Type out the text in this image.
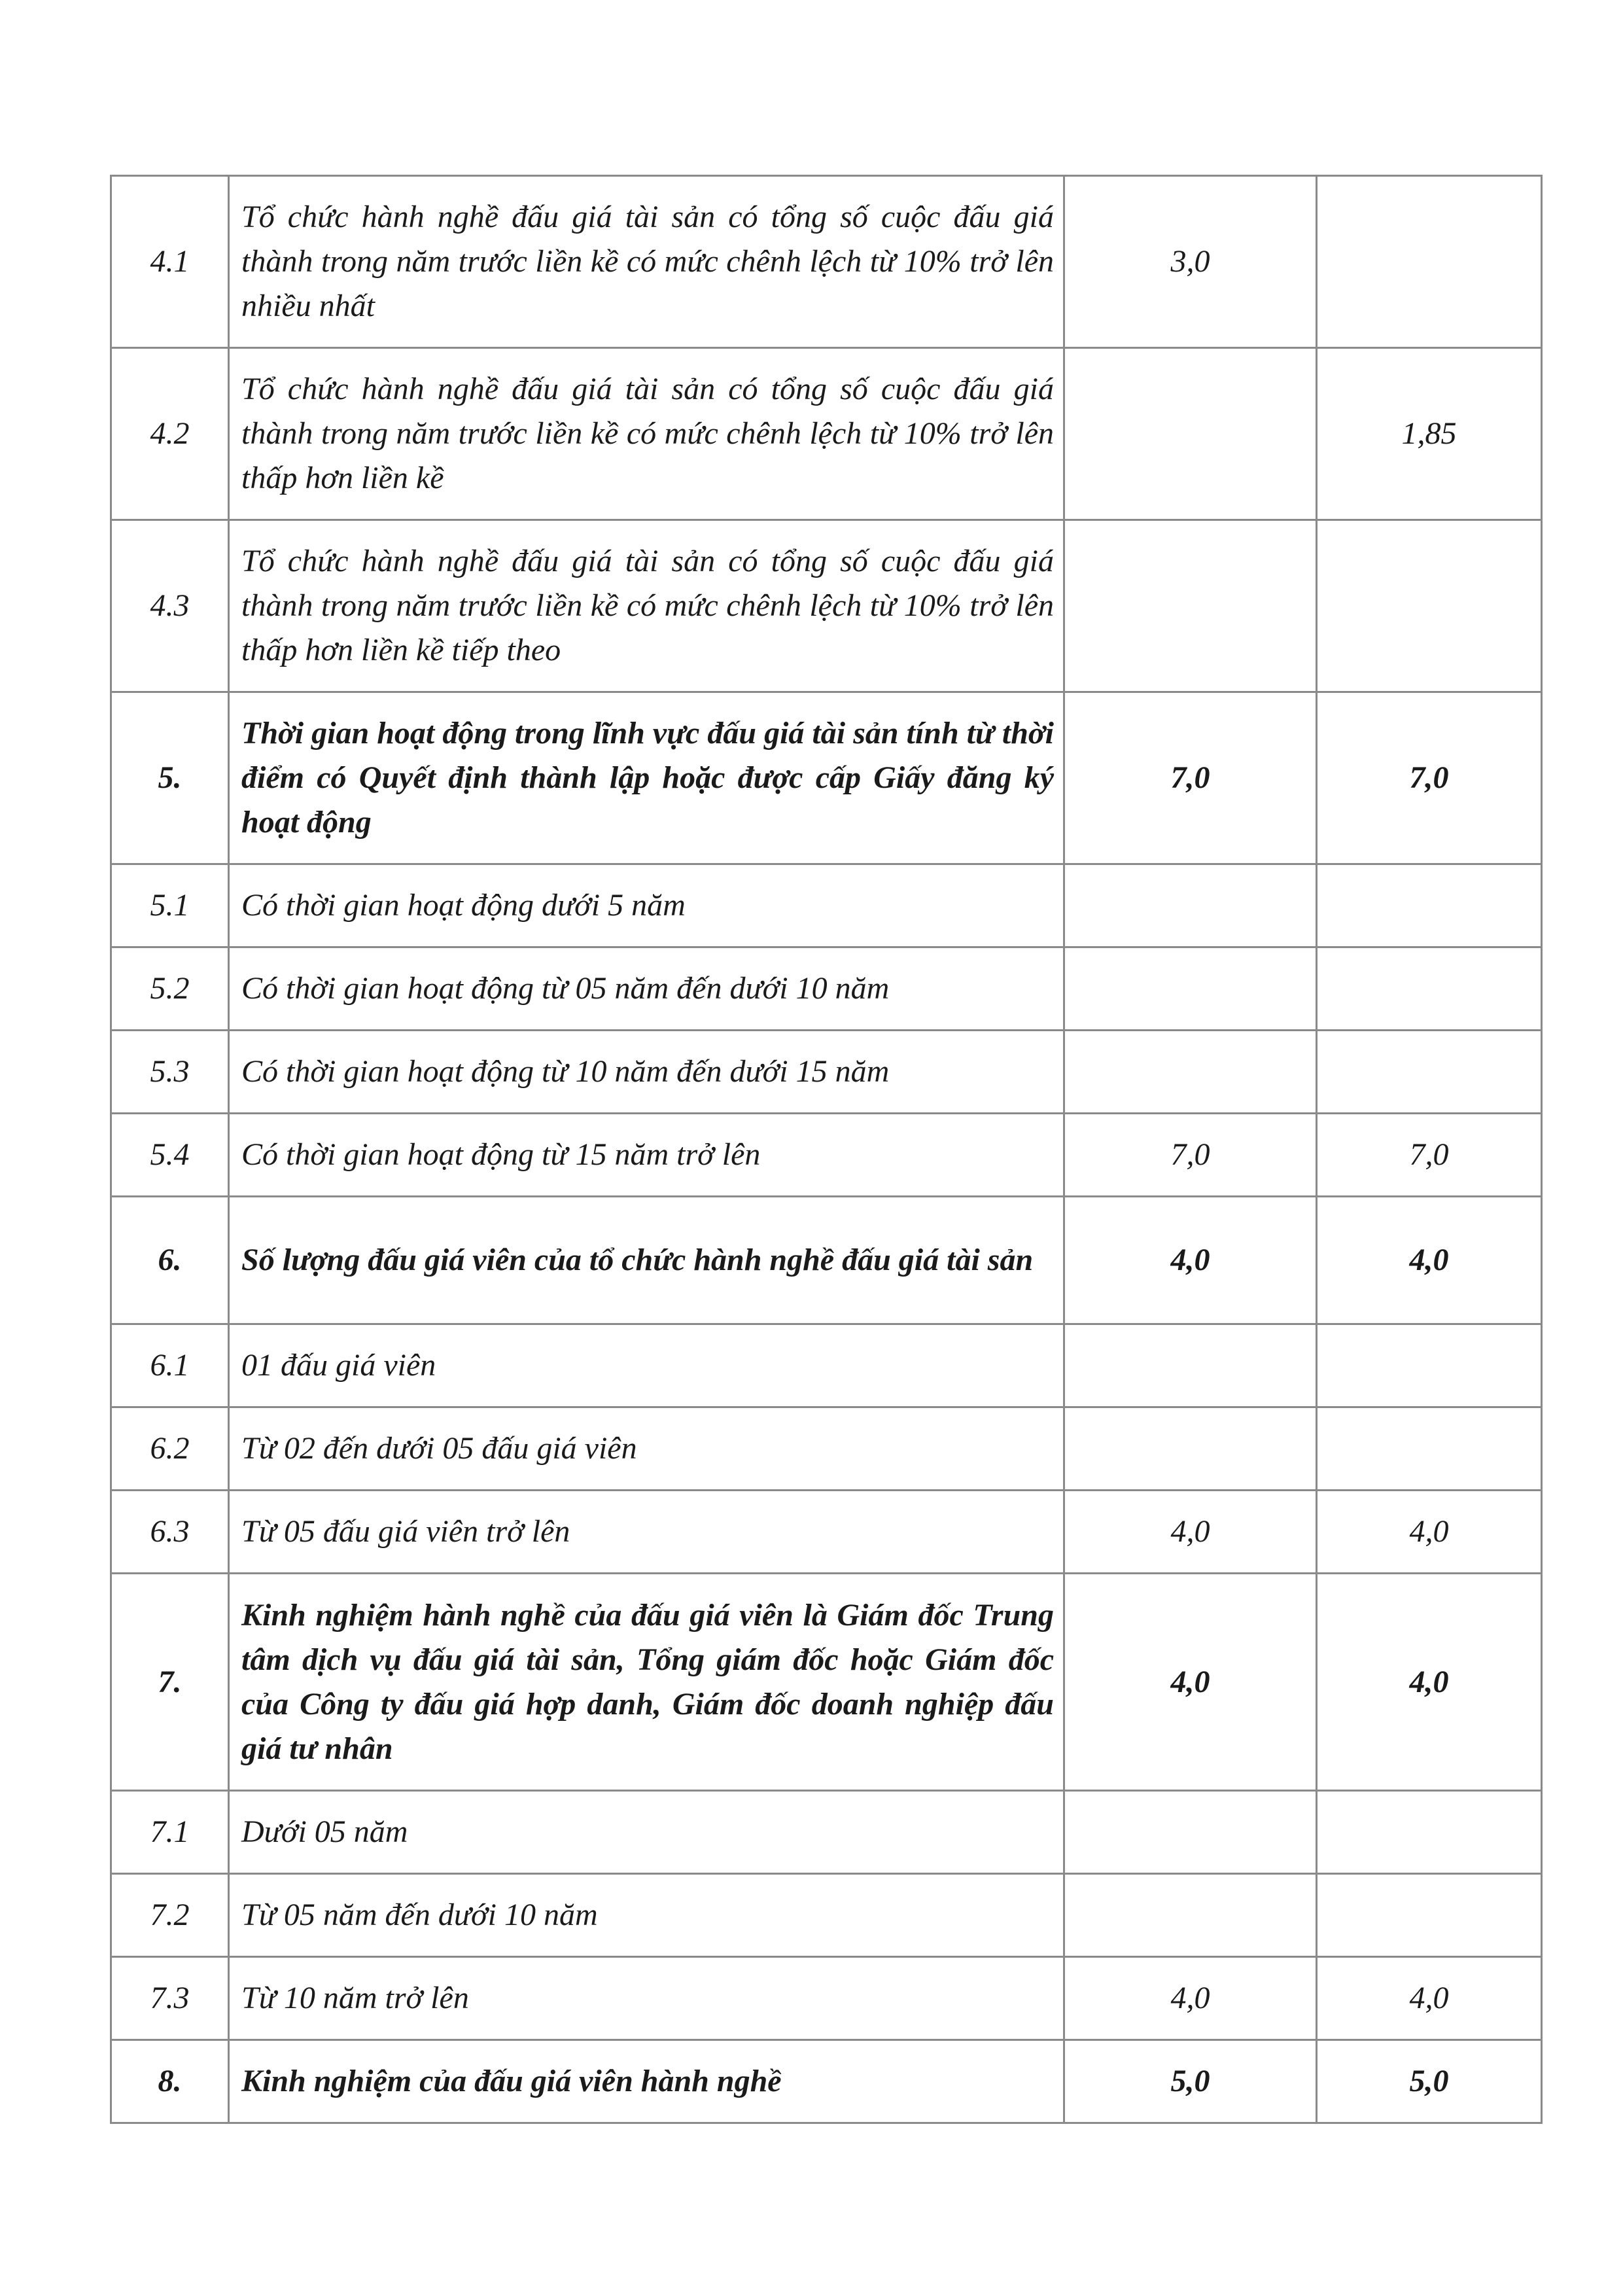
4.1	Tổ chức hành nghề đấu giá tài sản có tổng số cuộc đấu giá thành trong năm trước liền kề có mức chênh lệch từ 10% trở lên nhiều nhất	3,0	
4.2	Tổ chức hành nghề đấu giá tài sản có tổng số cuộc đấu giá thành trong năm trước liền kề có mức chênh lệch từ 10% trở lên thấp hơn liền kề		1,85
4.3	Tổ chức hành nghề đấu giá tài sản có tổng số cuộc đấu giá thành trong năm trước liền kề có mức chênh lệch từ 10% trở lên thấp hơn liền kề tiếp theo		
5.	Thời gian hoạt động trong lĩnh vực đấu giá tài sản tính từ thời điểm có Quyết định thành lập hoặc được cấp Giấy đăng ký hoạt động	7,0	7,0
5.1	Có thời gian hoạt động dưới 5 năm		
5.2	Có thời gian hoạt động từ 05 năm đến dưới 10 năm		
5.3	Có thời gian hoạt động từ 10 năm đến dưới 15 năm		
5.4	Có thời gian hoạt động từ 15 năm trở lên	7,0	7,0
6.	Số lượng đấu giá viên của tổ chức hành nghề đấu giá tài sản	4,0	4,0
6.1	01 đấu giá viên		
6.2	Từ 02 đến dưới 05 đấu giá viên		
6.3	Từ 05 đấu giá viên trở lên	4,0	4,0
7.	Kinh nghiệm hành nghề của đấu giá viên là Giám đốc Trung tâm dịch vụ đấu giá tài sản, Tổng giám đốc hoặc Giám đốc của Công ty đấu giá hợp danh, Giám đốc doanh nghiệp đấu giá tư nhân	4,0	4,0
7.1	Dưới 05 năm		
7.2	Từ 05 năm đến dưới 10 năm		
7.3	Từ 10 năm trở lên	4,0	4,0
8.	Kinh nghiệm của đấu giá viên hành nghề	5,0	5,0
